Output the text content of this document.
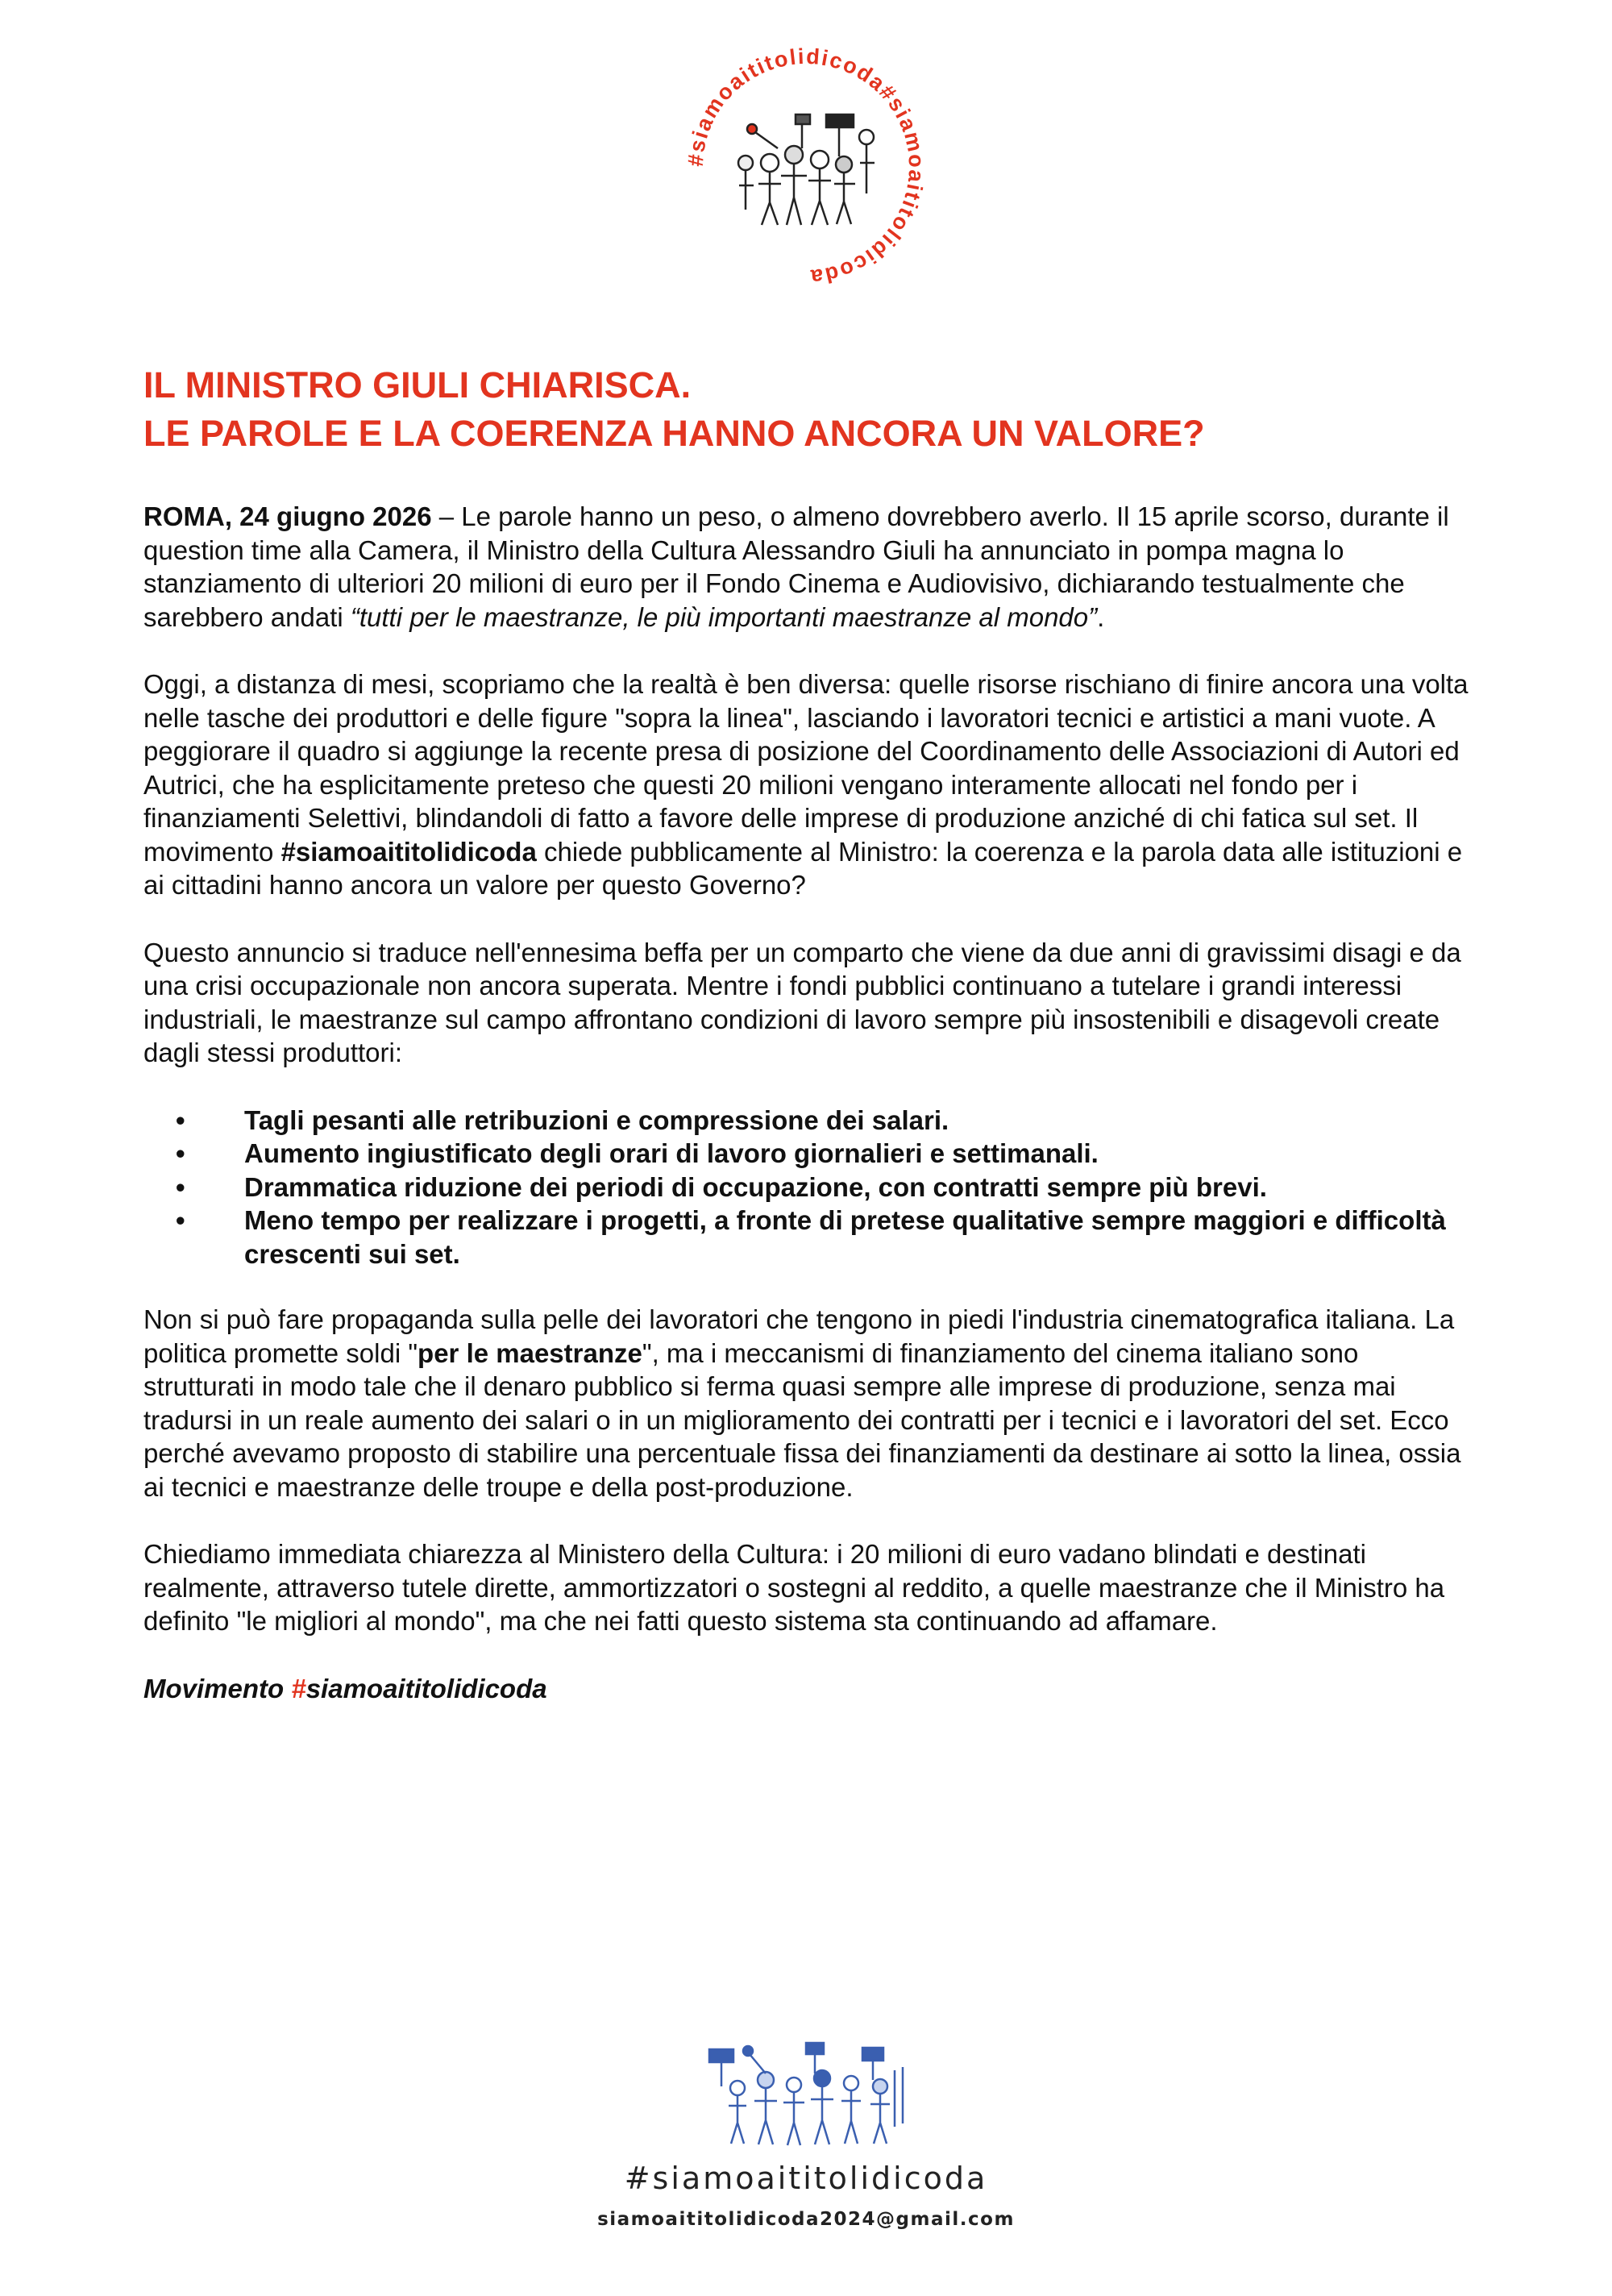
#siamoaititolidicoda#siamoaititolidicoda
IL MINISTRO GIULI CHIARISCA.
LE PAROLE E LA COERENZA HANNO ANCORA UN VALORE?

ROMA, 24 giugno 2026 – Le parole hanno un peso, o almeno dovrebbero averlo. Il 15 aprile scorso, durante il question time alla Camera, il Ministro della Cultura Alessandro Giuli ha annunciato in pompa magna lo stanziamento di ulteriori 20 milioni di euro per il Fondo Cinema e Audiovisivo, dichiarando testualmente che sarebbero andati “tutti per le maestranze, le più importanti maestranze al mondo”.

Oggi, a distanza di mesi, scopriamo che la realtà è ben diversa: quelle risorse rischiano di finire ancora una volta nelle tasche dei produttori e delle figure "sopra la linea", lasciando i lavoratori tecnici e artistici a mani vuote. A peggiorare il quadro si aggiunge la recente presa di posizione del Coordinamento delle Associazioni di Autori ed Autrici, che ha esplicitamente preteso che questi 20 milioni vengano interamente allocati nel fondo per i finanziamenti Selettivi, blindandoli di fatto a favore delle imprese di produzione anziché di chi fatica sul set. Il movimento #siamoaititolidicoda chiede pubblicamente al Ministro: la coerenza e la parola data alle istituzioni e ai cittadini hanno ancora un valore per questo Governo?

Questo annuncio si traduce nell'ennesima beffa per un comparto che viene da due anni di gravissimi disagi e da una crisi occupazionale non ancora superata. Mentre i fondi pubblici continuano a tutelare i grandi interessi industriali, le maestranze sul campo affrontano condizioni di lavoro sempre più insostenibili e disagevoli create dagli stessi produttori:

• Tagli pesanti alle retribuzioni e compressione dei salari.
• Aumento ingiustificato degli orari di lavoro giornalieri e settimanali.
• Drammatica riduzione dei periodi di occupazione, con contratti sempre più brevi.
• Meno tempo per realizzare i progetti, a fronte di pretese qualitative sempre maggiori e difficoltà crescenti sui set.

Non si può fare propaganda sulla pelle dei lavoratori che tengono in piedi l'industria cinematografica italiana. La politica promette soldi "per le maestranze", ma i meccanismi di finanziamento del cinema italiano sono strutturati in modo tale che il denaro pubblico si ferma quasi sempre alle imprese di produzione, senza mai tradursi in un reale aumento dei salari o in un miglioramento dei contratti per i tecnici e i lavoratori del set. Ecco perché avevamo proposto di stabilire una percentuale fissa dei finanziamenti da destinare ai sotto la linea, ossia ai tecnici e maestranze delle troupe e della post-produzione.

Chiediamo immediata chiarezza al Ministero della Cultura: i 20 milioni di euro vadano blindati e destinati realmente, attraverso tutele dirette, ammortizzatori o sostegni al reddito, a quelle maestranze che il Ministro ha definito "le migliori al mondo", ma che nei fatti questo sistema sta continuando ad affamare.

Movimento #siamoaititolidicoda

#siamoaititolidicoda
siamoaititolidicoda2024@gmail.com
